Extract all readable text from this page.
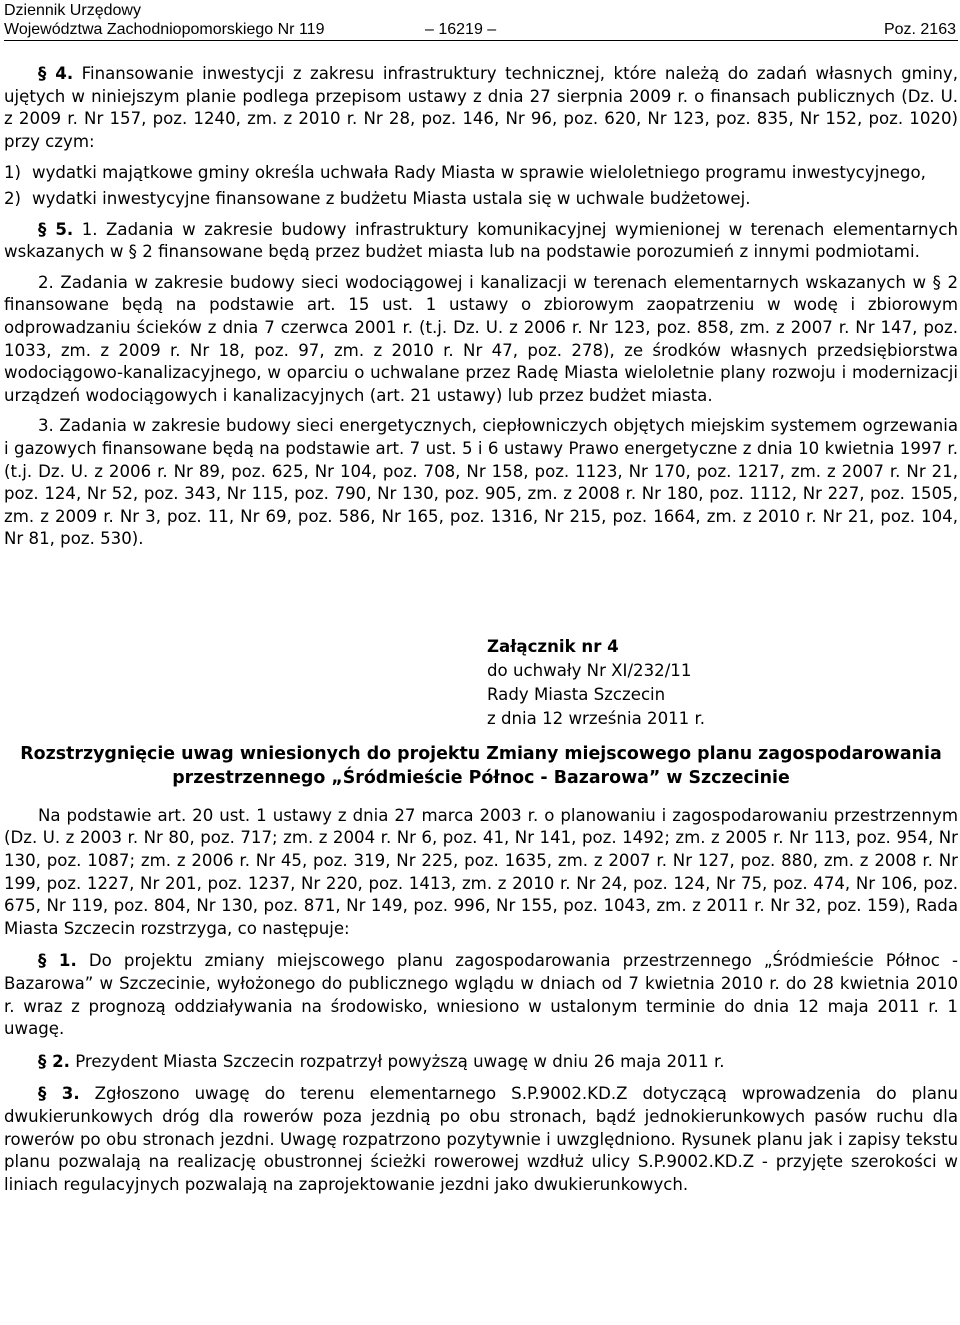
Dziennik Urzędowy
Województwa Zachodniopomorskiego Nr 119	– 16219 –	Poz. 2163

§ 4. Finansowanie inwestycji z zakresu infrastruktury technicznej, które należą do zadań własnych gminy, ujętych w niniejszym planie podlega przepisom ustawy z dnia 27 sierpnia 2009 r. o finansach publicznych (Dz. U. z 2009 r. Nr 157, poz. 1240, zm. z 2010 r. Nr 28, poz. 146, Nr 96, poz. 620, Nr 123, poz. 835, Nr 152, poz. 1020) przy czym:

1) wydatki majątkowe gminy określa uchwała Rady Miasta w sprawie wieloletniego programu inwestycyjnego,
2) wydatki inwestycyjne finansowane z budżetu Miasta ustala się w uchwale budżetowej.

§ 5. 1. Zadania w zakresie budowy infrastruktury komunikacyjnej wymienionej w terenach elementarnych wskazanych w § 2 finansowane będą przez budżet miasta lub na podstawie porozumień z innymi podmiotami.

2. Zadania w zakresie budowy sieci wodociągowej i kanalizacji w terenach elementarnych wskazanych w § 2 finansowane będą na podstawie art. 15 ust. 1 ustawy o zbiorowym zaopatrzeniu w wodę i zbiorowym odprowadzaniu ścieków z dnia 7 czerwca 2001 r. (t.j. Dz. U. z 2006 r. Nr 123, poz. 858, zm. z 2007 r. Nr 147, poz. 1033, zm. z 2009 r. Nr 18, poz. 97, zm. z 2010 r. Nr 47, poz. 278), ze środków własnych przedsiębiorstwa wodociągowo-kanalizacyjnego, w oparciu o uchwalane przez Radę Miasta wieloletnie plany rozwoju i modernizacji urządzeń wodociągowych i kanalizacyjnych (art. 21 ustawy) lub przez budżet miasta.

3. Zadania w zakresie budowy sieci energetycznych, ciepłowniczych objętych miejskim systemem ogrzewania i gazowych finansowane będą na podstawie art. 7 ust. 5 i 6 ustawy Prawo energetyczne z dnia 10 kwietnia 1997 r. (t.j. Dz. U. z 2006 r. Nr 89, poz. 625, Nr 104, poz. 708, Nr 158, poz. 1123, Nr 170, poz. 1217, zm. z 2007 r. Nr 21, poz. 124, Nr 52, poz. 343, Nr 115, poz. 790, Nr 130, poz. 905, zm. z 2008 r. Nr 180, poz. 1112, Nr 227, poz. 1505, zm. z 2009 r. Nr 3, poz. 11, Nr 69, poz. 586, Nr 165, poz. 1316, Nr 215, poz. 1664, zm. z 2010 r. Nr 21, poz. 104, Nr 81, poz. 530).

Załącznik nr 4
do uchwały Nr XI/232/11
Rady Miasta Szczecin
z dnia 12 września 2011 r.
Rozstrzygnięcie uwag wniesionych do projektu Zmiany miejscowego planu zagospodarowania
przestrzennego „Śródmieście Północ - Bazarowa” w Szczecinie

Na podstawie art. 20 ust. 1 ustawy z dnia 27 marca 2003 r. o planowaniu i zagospodarowaniu przestrzennym (Dz. U. z 2003 r. Nr 80, poz. 717; zm. z 2004 r. Nr 6, poz. 41, Nr 141, poz. 1492; zm. z 2005 r. Nr 113, poz. 954, Nr 130, poz. 1087; zm. z 2006 r. Nr 45, poz. 319, Nr 225, poz. 1635, zm. z 2007 r. Nr 127, poz. 880, zm. z 2008 r. Nr 199, poz. 1227, Nr 201, poz. 1237, Nr 220, poz. 1413, zm. z 2010 r. Nr 24, poz. 124, Nr 75, poz. 474, Nr 106, poz. 675, Nr 119, poz. 804, Nr 130, poz. 871, Nr 149, poz. 996, Nr 155, poz. 1043, zm. z 2011 r. Nr 32, poz. 159), Rada Miasta Szczecin rozstrzyga, co następuje:

§ 1. Do projektu zmiany miejscowego planu zagospodarowania przestrzennego „Śródmieście Północ - Bazarowa” w Szczecinie, wyłożonego do publicznego wglądu w dniach od 7 kwietnia 2010 r. do 28 kwietnia 2010 r. wraz z prognozą oddziaływania na środowisko, wniesiono w ustalonym terminie do dnia 12 maja 2011 r. 1 uwagę.

§ 2. Prezydent Miasta Szczecin rozpatrzył powyższą uwagę w dniu 26 maja 2011 r.

§ 3. Zgłoszono uwagę do terenu elementarnego S.P.9002.KD.Z dotyczącą wprowadzenia do planu dwukierunkowych dróg dla rowerów poza jezdnią po obu stronach, bądź jednokierunkowych pasów ruchu dla rowerów po obu stronach jezdni. Uwagę rozpatrzono pozytywnie i uwzględniono. Rysunek planu jak i zapisy tekstu planu pozwalają na realizację obustronnej ścieżki rowerowej wzdłuż ulicy S.P.9002.KD.Z - przyjęte szerokości w liniach regulacyjnych pozwalają na zaprojektowanie jezdni jako dwukierunkowych.
